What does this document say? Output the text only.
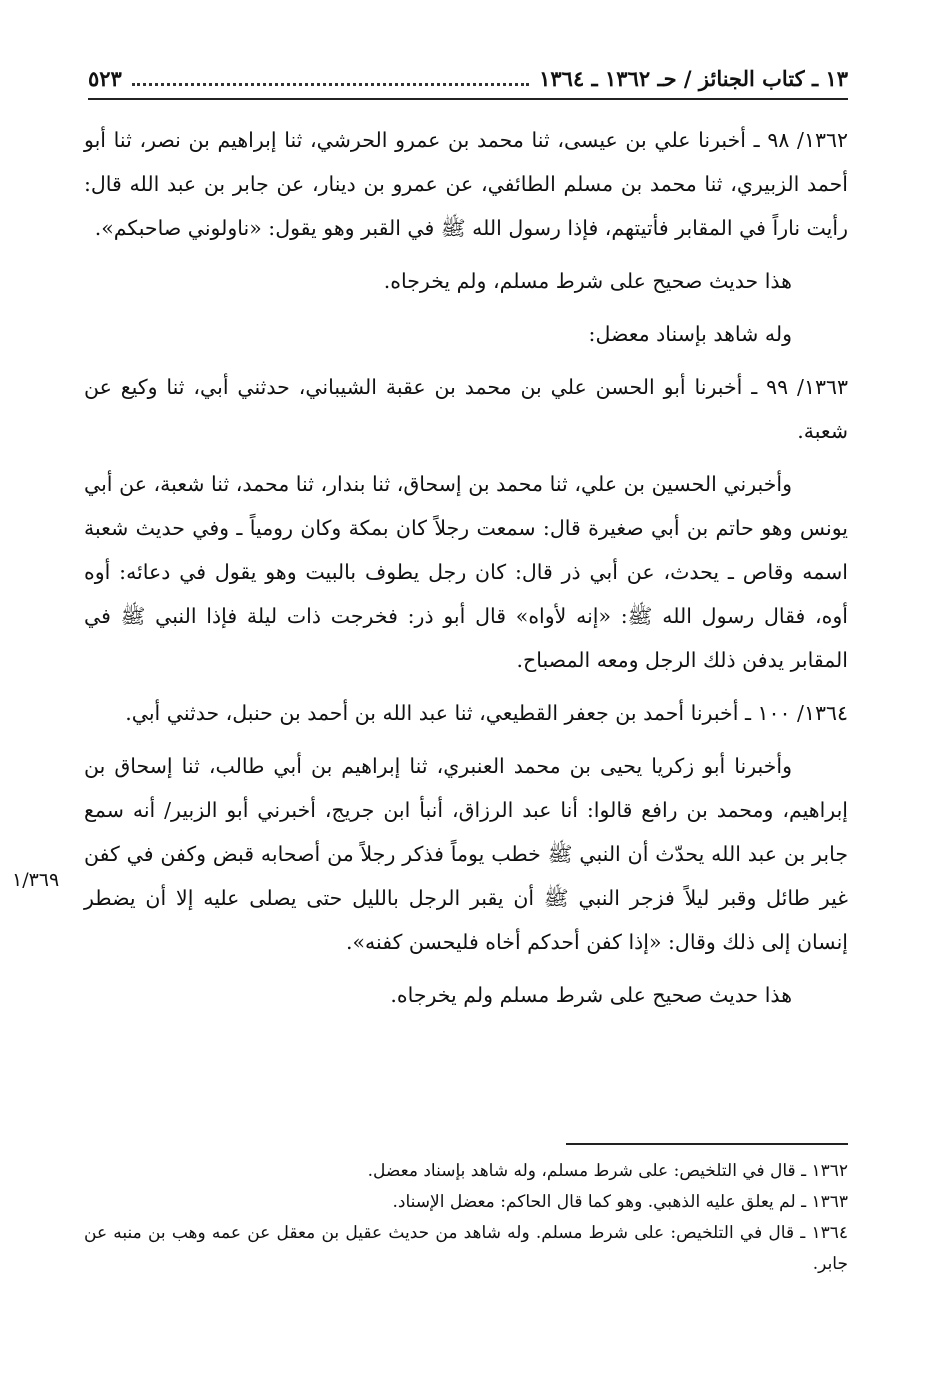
١٣ ـ كتاب الجنائز / حـ ١٣٦٢ ـ ١٣٦٤
٥٢٣

١٣٦٢/ ٩٨ ـ أخبرنا علي بن عيسى، ثنا محمد بن عمرو الحرشي، ثنا إبراهيم بن نصر، ثنا أبو أحمد الزبيري، ثنا محمد بن مسلم الطائفي، عن عمرو بن دينار، عن جابر بن عبد الله قال: رأيت ناراً في المقابر فأتيتهم، فإذا رسول الله ﷺ في القبر وهو يقول: «ناولوني صاحبكم».

هذا حديث صحيح على شرط مسلم، ولم يخرجاه.

وله شاهد بإسناد معضل:

١٣٦٣/ ٩٩ ـ أخبرنا أبو الحسن علي بن محمد بن عقبة الشيباني، حدثني أبي، ثنا وكيع عن شعبة.

وأخبرني الحسين بن علي، ثنا محمد بن إسحاق، ثنا بندار، ثنا محمد، ثنا شعبة، عن أبي يونس وهو حاتم بن أبي صغيرة قال: سمعت رجلاً كان بمكة وكان رومياً ـ وفي حديث شعبة اسمه وقاص ـ يحدث، عن أبي ذر قال: كان رجل يطوف بالبيت وهو يقول في دعائه: أوه أوه، فقال رسول الله ﷺ: «إنه لأواه» قال أبو ذر: فخرجت ذات ليلة فإذا النبي ﷺ في المقابر يدفن ذلك الرجل ومعه المصباح.

١٣٦٤/ ١٠٠ ـ أخبرنا أحمد بن جعفر القطيعي، ثنا عبد الله بن أحمد بن حنبل، حدثني أبي.

وأخبرنا أبو زكريا يحيى بن محمد العنبري، ثنا إبراهيم بن أبي طالب، ثنا إسحاق بن إبراهيم، ومحمد بن رافع قالوا: أنا عبد الرزاق، أنبأ ابن جريج، أخبرني أبو الزبير/ أنه سمع جابر بن عبد الله يحدّث أن النبي ﷺ خطب يوماً فذكر رجلاً من أصحابه قبض وكفن في كفن غير طائل وقبر ليلاً فزجر النبي ﷺ أن يقبر الرجل بالليل حتى يصلى عليه إلا أن يضطر إنسان إلى ذلك وقال: «إذا كفن أحدكم أخاه فليحسن كفنه».

هذا حديث صحيح على شرط مسلم ولم يخرجاه.

١/٣٦٩

١٣٦٢ ـ قال في التلخيص: على شرط مسلم، وله شاهد بإسناد معضل.

١٣٦٣ ـ لم يعلق عليه الذهبي. وهو كما قال الحاكم: معضل الإسناد.

١٣٦٤ ـ قال في التلخيص: على شرط مسلم. وله شاهد من حديث عقيل بن معقل عن عمه وهب بن منبه عن جابر.
